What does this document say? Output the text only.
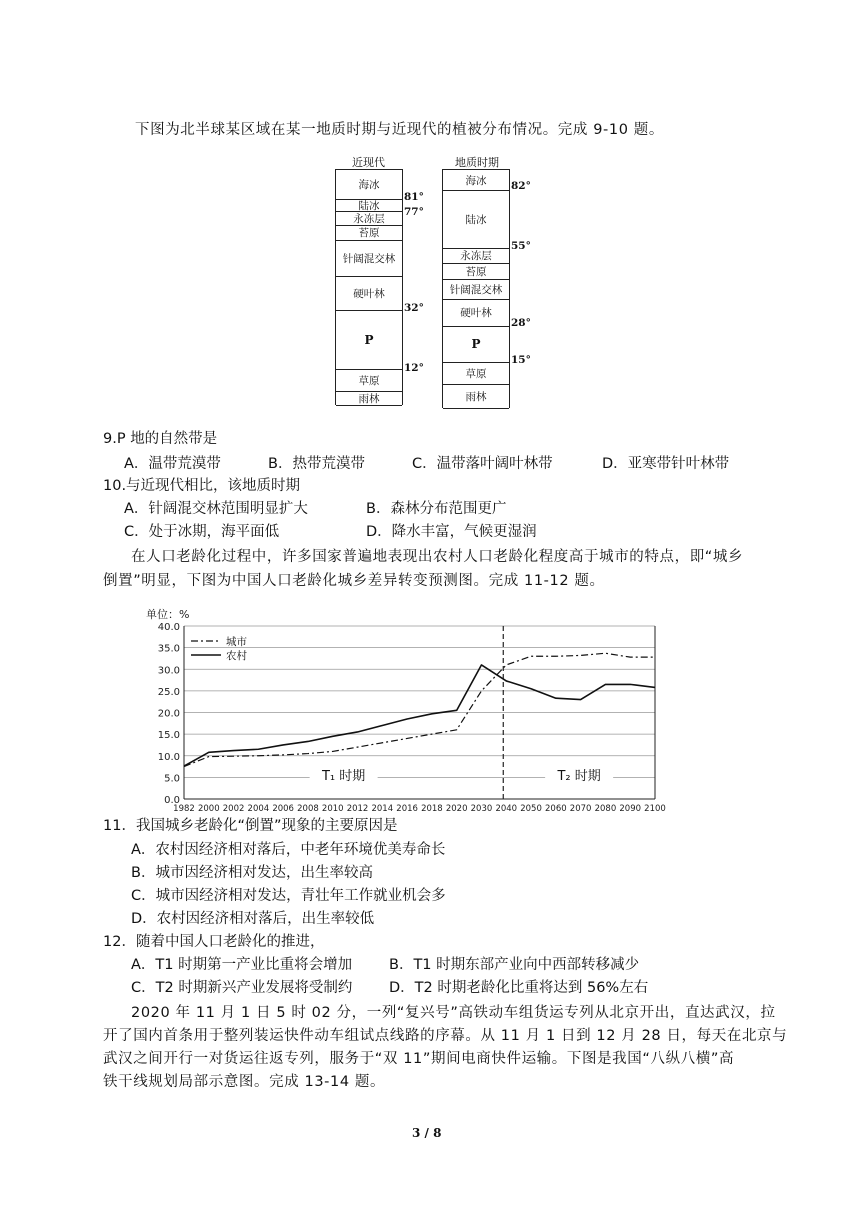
下图为北半球某区域在某一地质时期与近现代的植被分布情况。完成 9-10 题。
近现代
海冰
陆冰
永冻层
苔原
针阔混交林
硬叶林
P
草原
雨林
81°
77°
32°
12°
地质时期
海冰
陆冰
永冻层
苔原
针阔混交林
硬叶林
P
草原
雨林
82°
55°
28°
15°
9.P 地的自然带是
A．温带荒漠带	B．热带荒漠带	C．温带落叶阔叶林带	D．亚寒带针叶林带
10.与近现代相比，该地质时期
A．针阔混交林范围明显扩大	B．森林分布范围更广
C．处于冰期，海平面低	D．降水丰富，气候更湿润
在人口老龄化过程中，许多国家普遍地表现出农村人口老龄化程度高于城市的特点，即“城乡
倒置”明显，下图为中国人口老龄化城乡差异转变预测图。完成 11-12 题。
单位：%
0.0
5.0
10.0
15.0
20.0
25.0
30.0
35.0
40.0
1982 2000 2002 2004 2006 2008 2010 2012 2014 2016 2018 2020 2030 2040 2050 2060 2070 2080 2090 2100
T₁ 时期	T₂ 时期
城市
农村
11．我国城乡老龄化“倒置”现象的主要原因是
A．农村因经济相对落后，中老年环境优美寿命长
B．城市因经济相对发达，出生率较高
C．城市因经济相对发达，青壮年工作就业机会多
D．农村因经济相对落后，出生率较低
12．随着中国人口老龄化的推进，
A．T1 时期第一产业比重将会增加	B．T1 时期东部产业向中西部转移减少
C．T2 时期新兴产业发展将受制约	D．T2 时期老龄化比重将达到 56%左右
2020 年 11 月 1 日 5 时 02 分，一列“复兴号”高铁动车组货运专列从北京开出，直达武汉，拉
开了国内首条用于整列装运快件动车组试点线路的序幕。从 11 月 1 日到 12 月 28 日，每天在北京与
武汉之间开行一对货运往返专列，服务于“双 11”期间电商快件运输。下图是我国“八纵八横”高
铁干线规划局部示意图。完成 13-14 题。
3 / 8
